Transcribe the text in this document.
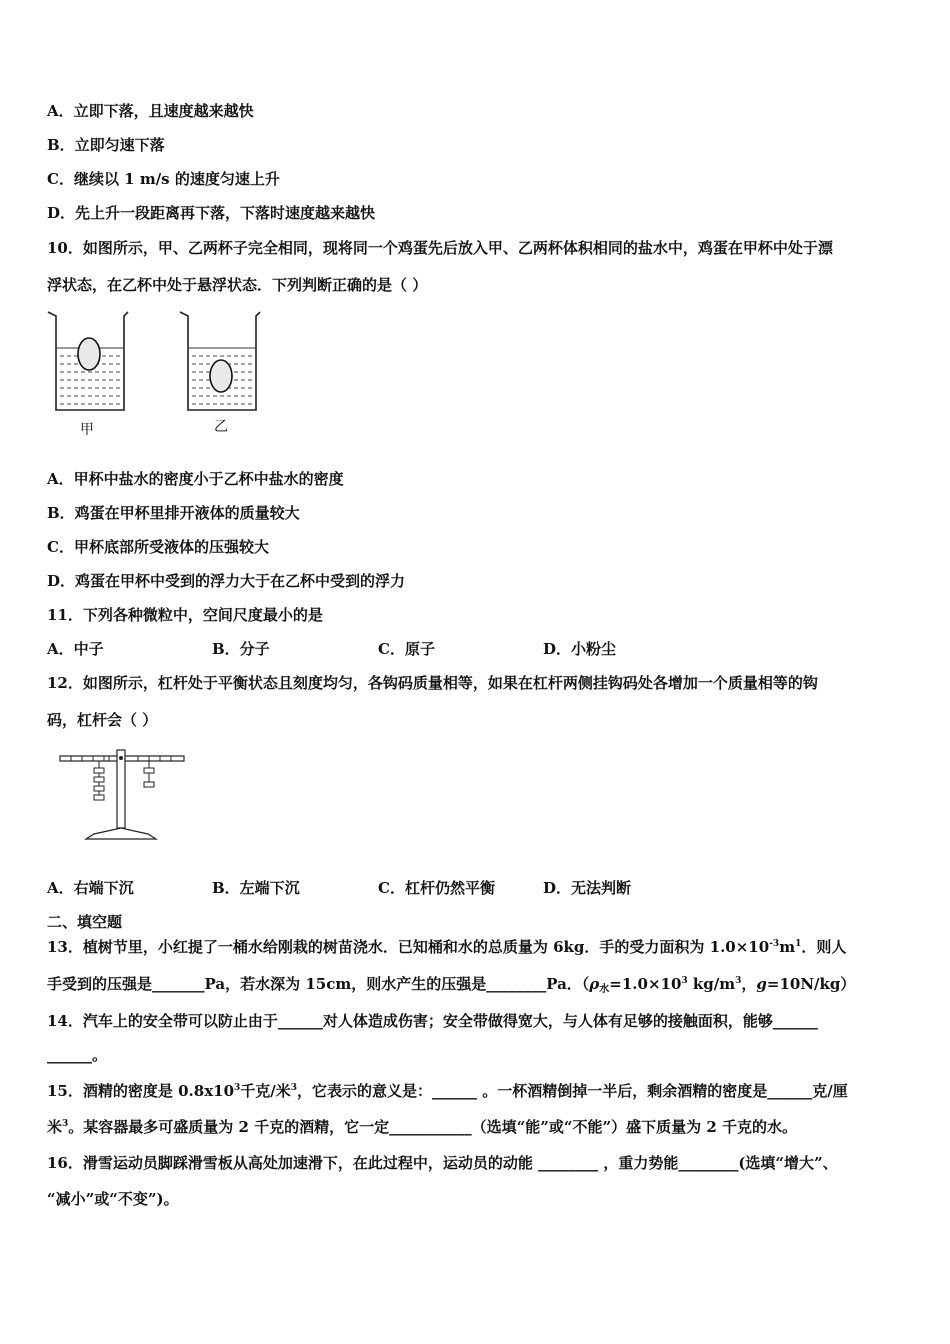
A．立即下落，且速度越来越快
B．立即匀速下落
C．继续以 1 m/s 的速度匀速上升
D．先上升一段距离再下落，下落时速度越来越快
10．如图所示，甲、乙两杯子完全相同，现将同一个鸡蛋先后放入甲、乙两杯体积相同的盐水中，鸡蛋在甲杯中处于漂
浮状态，在乙杯中处于悬浮状态．下列判断正确的是（ ）
甲	乙
A．甲杯中盐水的密度小于乙杯中盐水的密度
B．鸡蛋在甲杯里排开液体的质量较大
C．甲杯底部所受液体的压强较大
D．鸡蛋在甲杯中受到的浮力大于在乙杯中受到的浮力
11．下列各种微粒中，空间尺度最小的是
A．中子	B．分子	C．原子	D．小粉尘
12．如图所示，杠杆处于平衡状态且刻度均匀，各钩码质量相等，如果在杠杆两侧挂钩码处各增加一个质量相等的钩
码，杠杆会（ ）
A．右端下沉	B．左端下沉	C．杠杆仍然平衡	D．无法判断
二、填空题
13．植树节里，小红提了一桶水给刚栽的树苗浇水．已知桶和水的总质量为 6kg．手的受力面积为 $1.0\times 10^{-3}m^1$．则人
手受到的压强是_______Pa，若水深为 15cm，则水产生的压强是________Pa．（$\rho_水=1.0\times 10^3$ $kg/m^3$，g=10N/kg）
14．汽车上的安全带可以防止由于______对人体造成伤害；安全带做得宽大，与人体有足够的接触面积，能够______
______。
15．酒精的密度是 $0.8x10^3$千克/米$^3$，它表示的意义是：______ 。一杯酒精倒掉一半后，剩余酒精的密度是______克/厘
米$^3$。某容器最多可盛质量为 2 千克的酒精，它一定___________（选填“能”或“不能”）盛下质量为 2 千克的水。
16．滑雪运动员脚踩滑雪板从高处加速滑下，在此过程中，运动员的动能 ________ ，重力势能________(选填“增大”、
“减小”或“不变”)。
